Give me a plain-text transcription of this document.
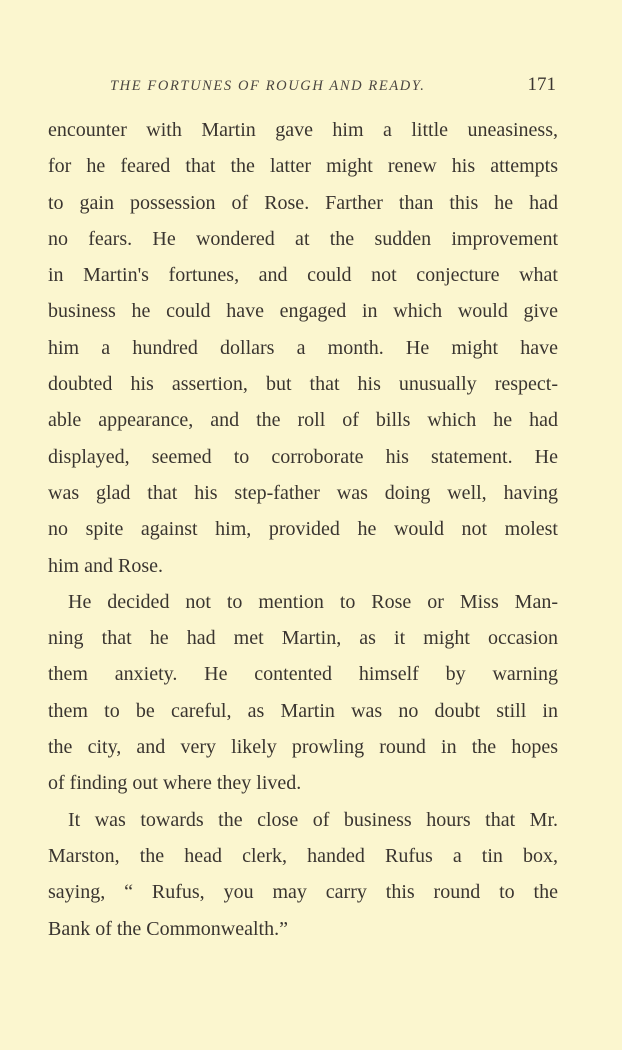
THE FORTUNES OF ROUGH AND READY.	171

encounter with Martin gave him a little uneasiness,
for he feared that the latter might renew his attempts
to gain possession of Rose. Farther than this he had
no fears. He wondered at the sudden improvement
in Martin's fortunes, and could not conjecture what
business he could have engaged in which would give
him a hundred dollars a month. He might have
doubted his assertion, but that his unusually respect-
able appearance, and the roll of bills which he had
displayed, seemed to corroborate his statement. He
was glad that his step-father was doing well, having
no spite against him, provided he would not molest
him and Rose.

He decided not to mention to Rose or Miss Man-
ning that he had met Martin, as it might occasion
them anxiety. He contented himself by warning
them to be careful, as Martin was no doubt still in
the city, and very likely prowling round in the hopes
of finding out where they lived.

It was towards the close of business hours that Mr.
Marston, the head clerk, handed Rufus a tin box,
saying, “ Rufus, you may carry this round to the
Bank of the Commonwealth.”
